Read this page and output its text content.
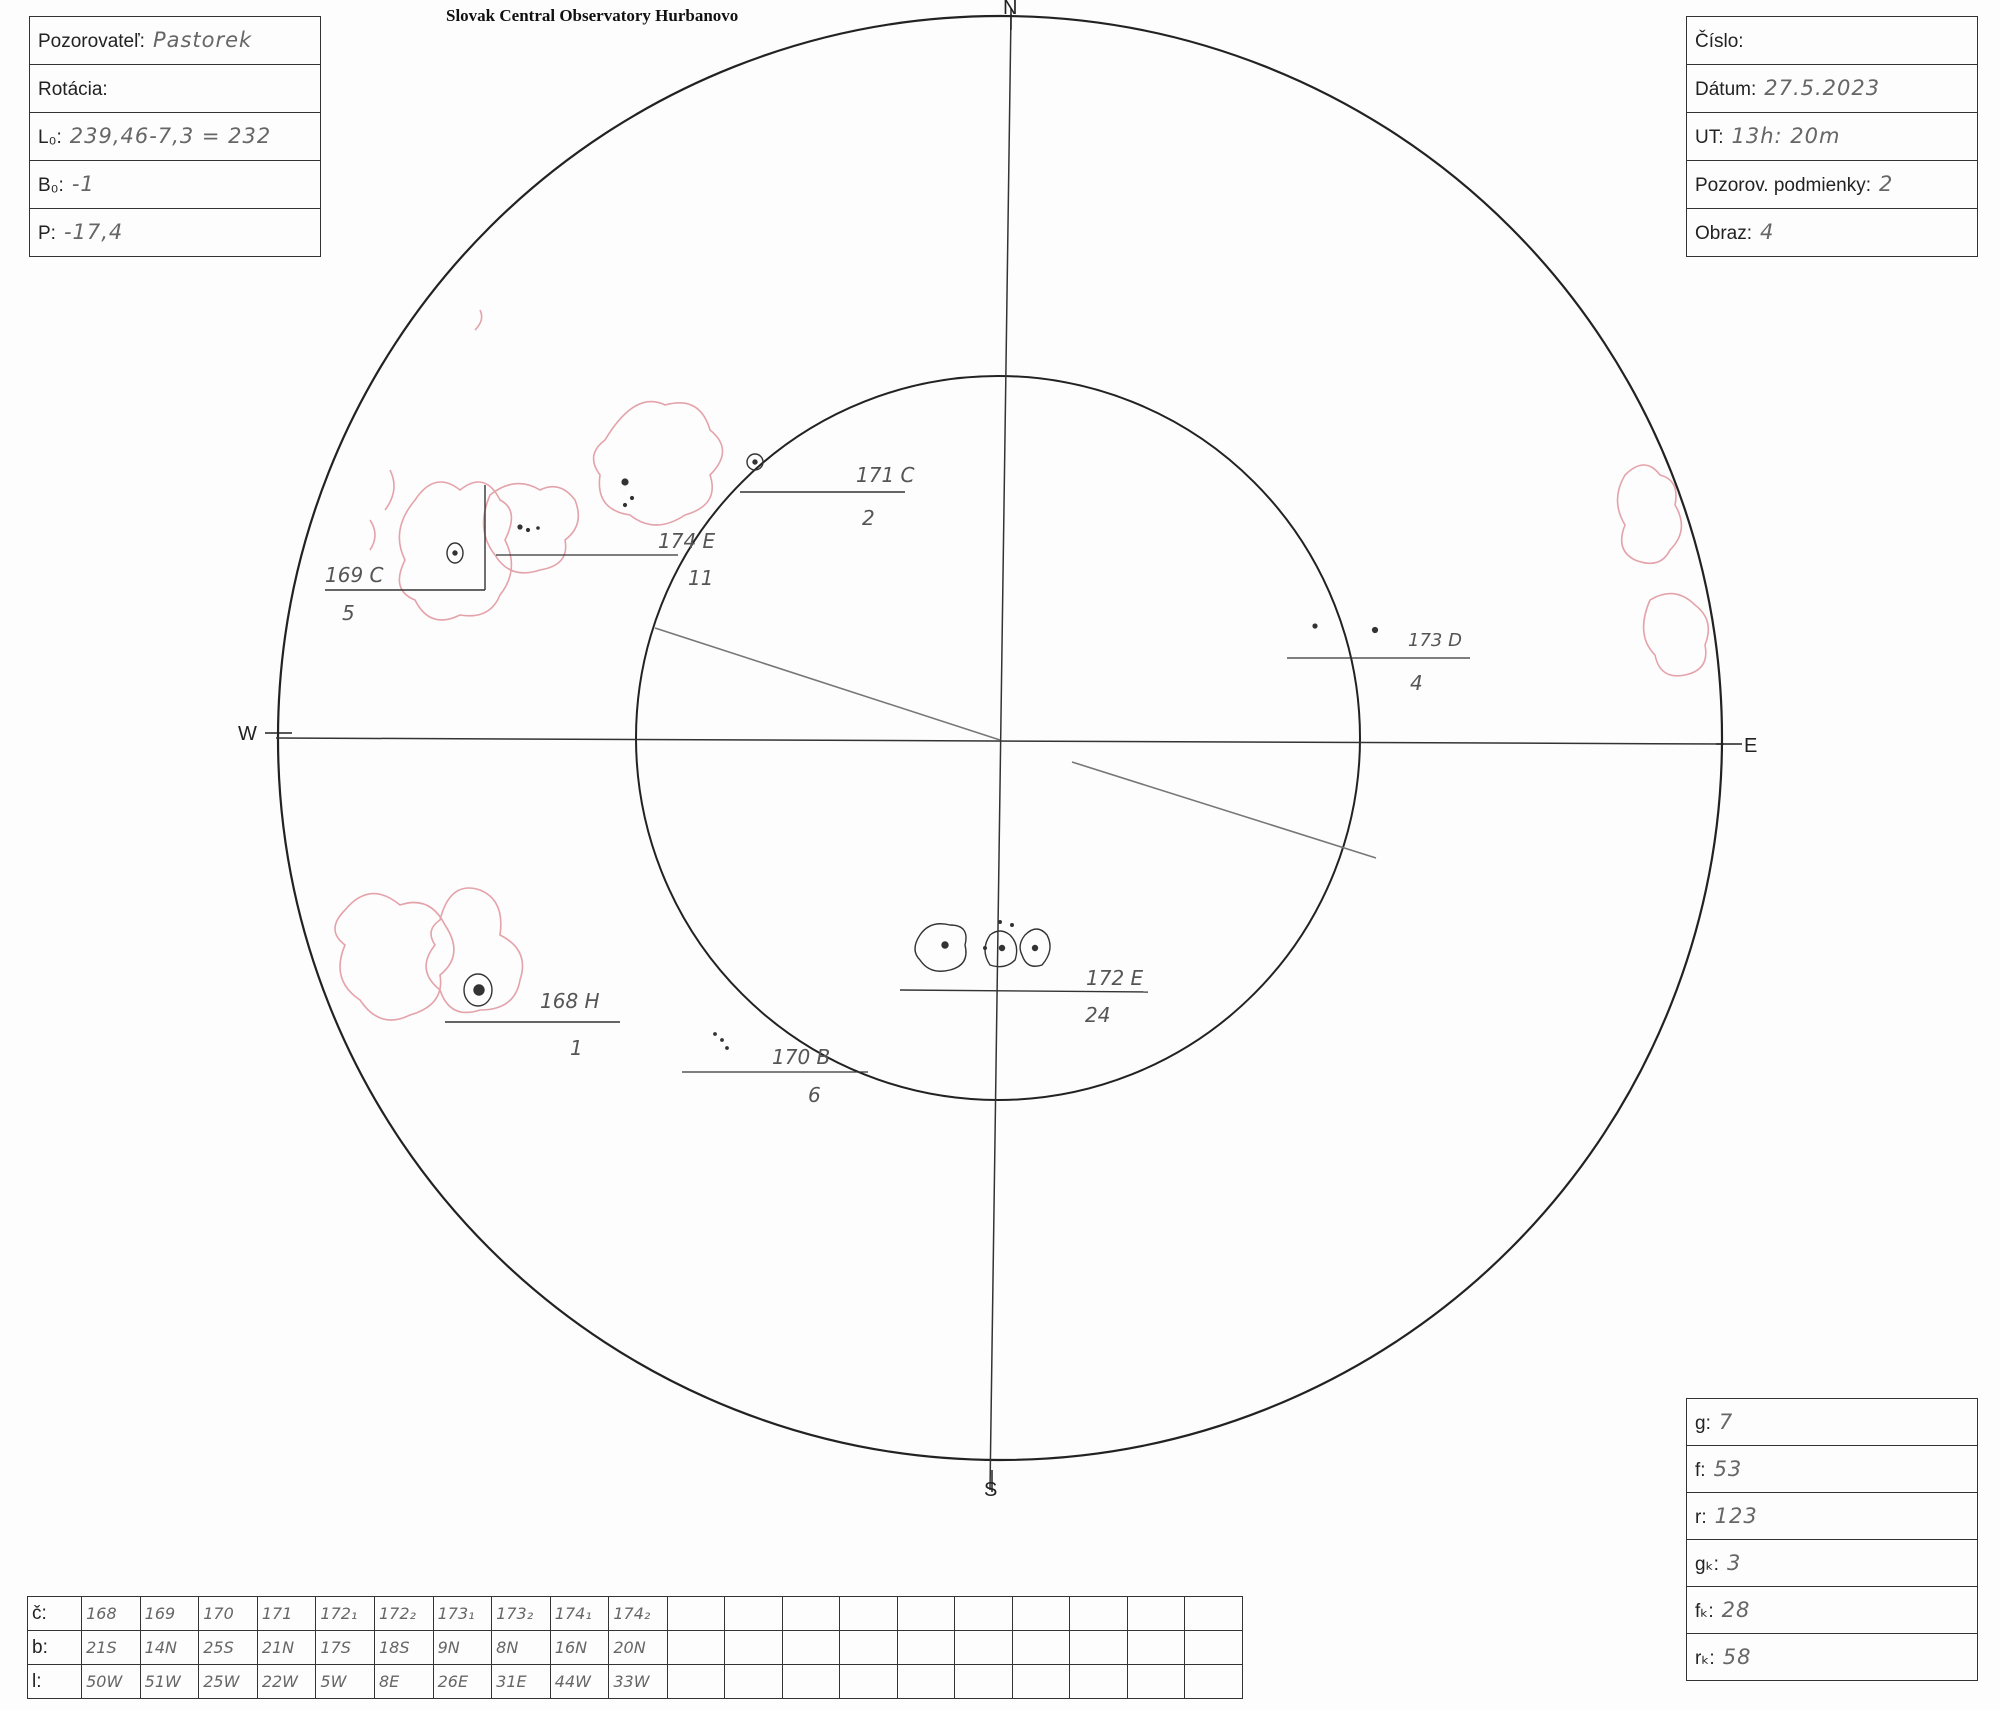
Slovak Central Observatory Hurbanovo
Pozorovateľ: Pastorek
Rotácia:
L₀: 239,46-7,3 = 232
B₀: -1
P: -17,4
Číslo:
Dátum: 27.5.2023
UT: 13h: 20m
Pozorov. podmienky: 2
Obraz: 4
N
S
W
E
169 C
5
174 E
11
171 C
2
173 D
4
168 H
1	170 B
6
172 E
24
g: 7
f: 53
r: 123
gₖ: 3
fₖ: 28
rₖ: 58
č:	168	169	170	171	172₁	172₂	173₁	173₂	174₁	174₂										
b:	21S	14N	25S	21N	17S	18S	9N	8N	16N	20N										
l:	50W	51W	25W	22W	5W	8E	26E	31E	44W	33W										
